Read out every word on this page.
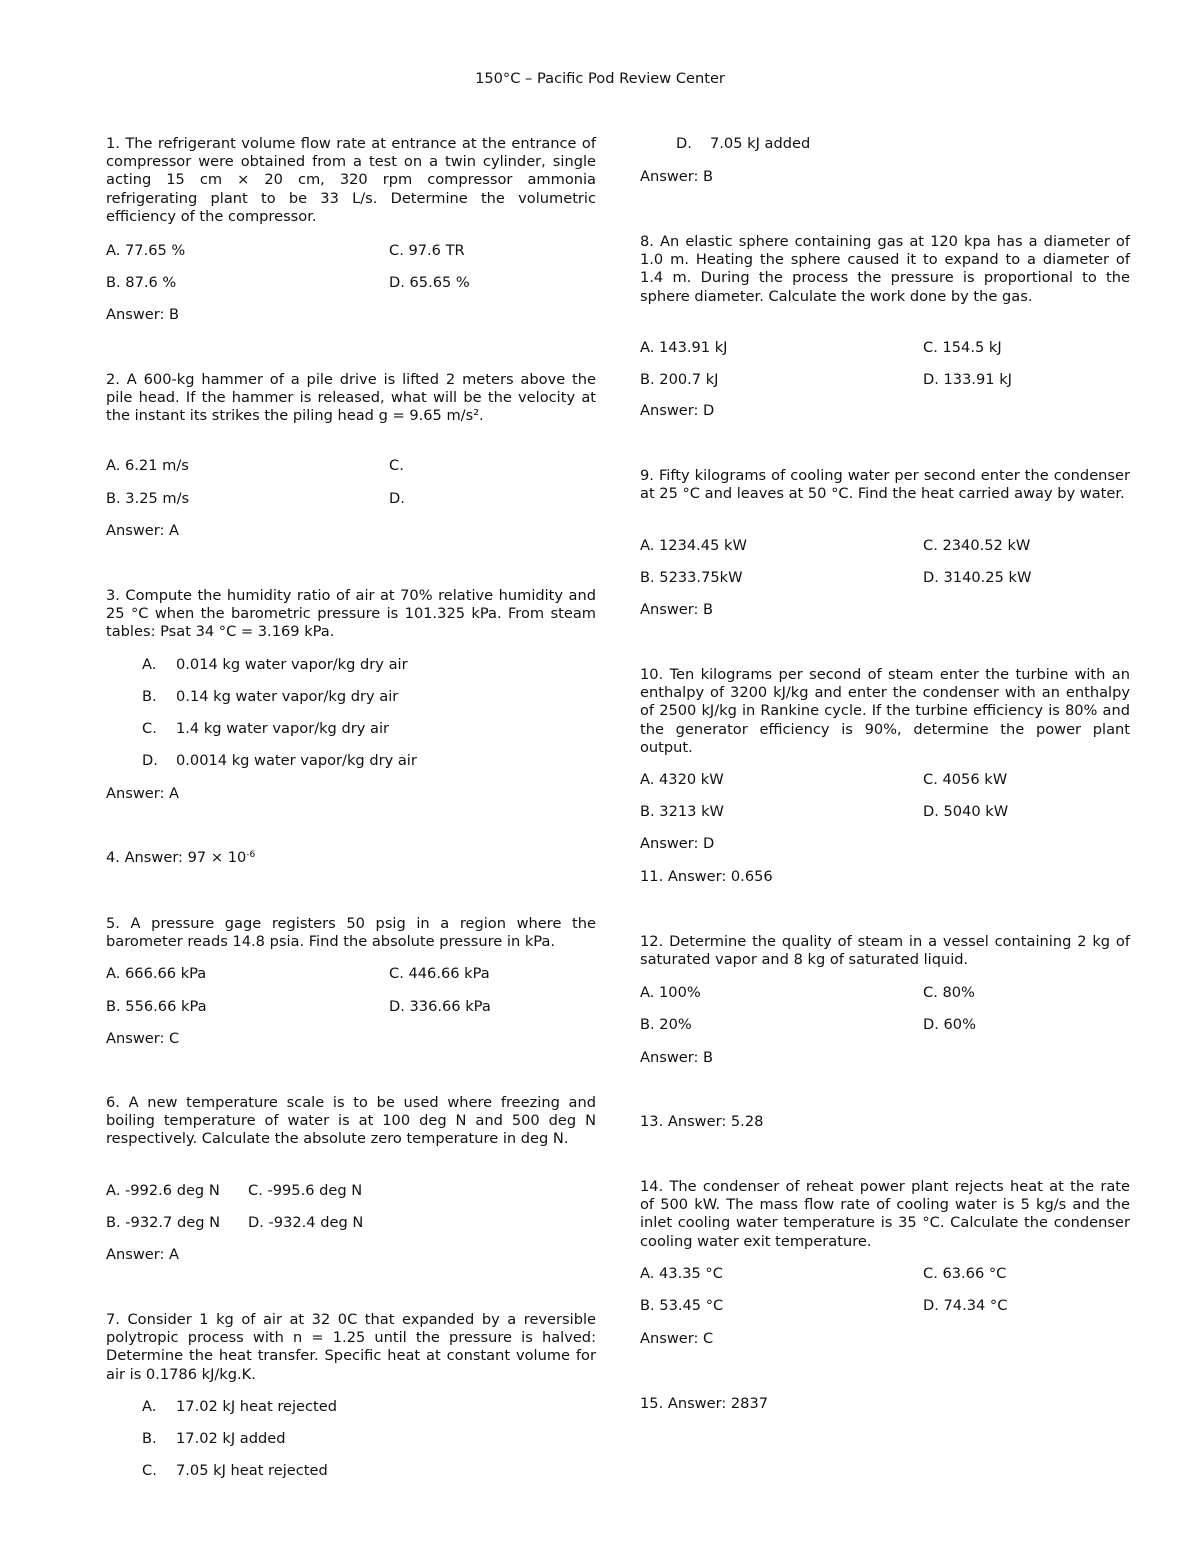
150°C – Pacific Pod Review Center
1. The refrigerant volume flow rate at entrance at the entrance of compressor were obtained from a test on a twin cylinder, single acting 15 cm × 20 cm, 320 rpm compressor ammonia refrigerating plant to be 33 L/s. Determine the volumetric efficiency of the compressor.
A. 77.65 %	C. 97.6 TR
B. 87.6 %	D. 65.65 %
Answer: B
2. A 600-kg hammer of a pile drive is lifted 2 meters above the pile head. If the hammer is released, what will be the velocity at the instant its strikes the piling head g = 9.65 m/s².
A. 6.21 m/s	C.
B. 3.25 m/s	D.
Answer: A
3. Compute the humidity ratio of air at 70% relative humidity and 25 °C when the barometric pressure is 101.325 kPa. From steam tables: Psat 34 °C = 3.169 kPa.
A. 0.014 kg water vapor/kg dry air
B. 0.14 kg water vapor/kg dry air
C. 1.4 kg water vapor/kg dry air
D. 0.0014 kg water vapor/kg dry air
Answer: A
4. Answer: $97 \times 10^{-6}$
5. A pressure gage registers 50 psig in a region where the barometer reads 14.8 psia. Find the absolute pressure in kPa.
A. 666.66 kPa	C. 446.66 kPa
B. 556.66 kPa	D. 336.66 kPa
Answer: C
6. A new temperature scale is to be used where freezing and boiling temperature of water is at 100 deg N and 500 deg N respectively. Calculate the absolute zero temperature in deg N.
A. -992.6 deg N C. -995.6 deg N
B. -932.7 deg N D. -932.4 deg N
Answer: A
7. Consider 1 kg of air at 32 0C that expanded by a reversible polytropic process with n = 1.25 until the pressure is halved: Determine the heat transfer. Specific heat at constant volume for air is 0.1786 kJ/kg.K.
A. 17.02 kJ heat rejected
B. 17.02 kJ added
C. 7.05 kJ heat rejected
D. 7.05 kJ added
Answer: B
8. An elastic sphere containing gas at 120 kpa has a diameter of 1.0 m. Heating the sphere caused it to expand to a diameter of 1.4 m. During the process the pressure is proportional to the sphere diameter. Calculate the work done by the gas.
A. 143.91 kJ	C. 154.5 kJ
B. 200.7 kJ	D. 133.91 kJ
Answer: D
9. Fifty kilograms of cooling water per second enter the condenser at 25 °C and leaves at 50 °C. Find the heat carried away by water.
A. 1234.45 kW	C. 2340.52 kW
B. 5233.75kW	D. 3140.25 kW
Answer: B
10. Ten kilograms per second of steam enter the turbine with an enthalpy of 3200 kJ/kg and enter the condenser with an enthalpy of 2500 kJ/kg in Rankine cycle. If the turbine efficiency is 80% and the generator efficiency is 90%, determine the power plant output.
A. 4320 kW	C. 4056 kW
B. 3213 kW	D. 5040 kW
Answer: D
11. Answer: 0.656
12. Determine the quality of steam in a vessel containing 2 kg of saturated vapor and 8 kg of saturated liquid.
A. 100%	C. 80%
B. 20%	D. 60%
Answer: B
13. Answer: 5.28
14. The condenser of reheat power plant rejects heat at the rate of 500 kW. The mass flow rate of cooling water is 5 kg/s and the inlet cooling water temperature is 35 °C. Calculate the condenser cooling water exit temperature.
A. 43.35 °C	C. 63.66 °C
B. 53.45 °C	D. 74.34 °C
Answer: C
15. Answer: 2837
